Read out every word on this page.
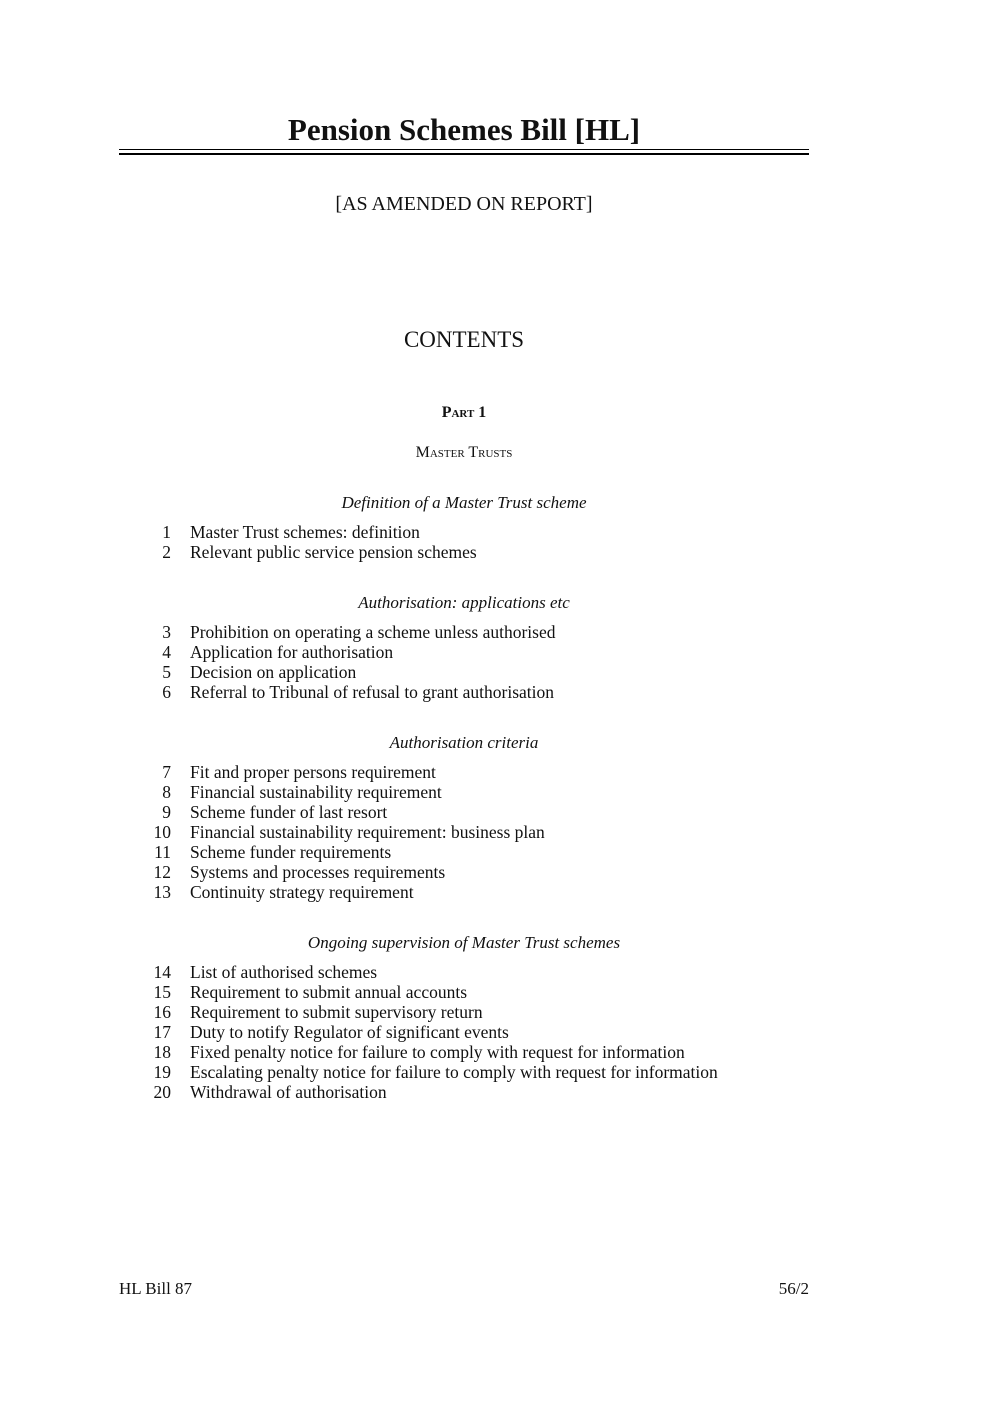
Pension Schemes Bill [HL]
[AS AMENDED ON REPORT]
CONTENTS
Part 1
Master Trusts
Definition of a Master Trust scheme
1 Master Trust schemes: definition
2 Relevant public service pension schemes
Authorisation: applications etc
3 Prohibition on operating a scheme unless authorised
4 Application for authorisation
5 Decision on application
6 Referral to Tribunal of refusal to grant authorisation
Authorisation criteria
7 Fit and proper persons requirement
8 Financial sustainability requirement
9 Scheme funder of last resort
10 Financial sustainability requirement: business plan
11 Scheme funder requirements
12 Systems and processes requirements
13 Continuity strategy requirement
Ongoing supervision of Master Trust schemes
14 List of authorised schemes
15 Requirement to submit annual accounts
16 Requirement to submit supervisory return
17 Duty to notify Regulator of significant events
18 Fixed penalty notice for failure to comply with request for information
19 Escalating penalty notice for failure to comply with request for information
20 Withdrawal of authorisation
HL Bill 87	56/2
